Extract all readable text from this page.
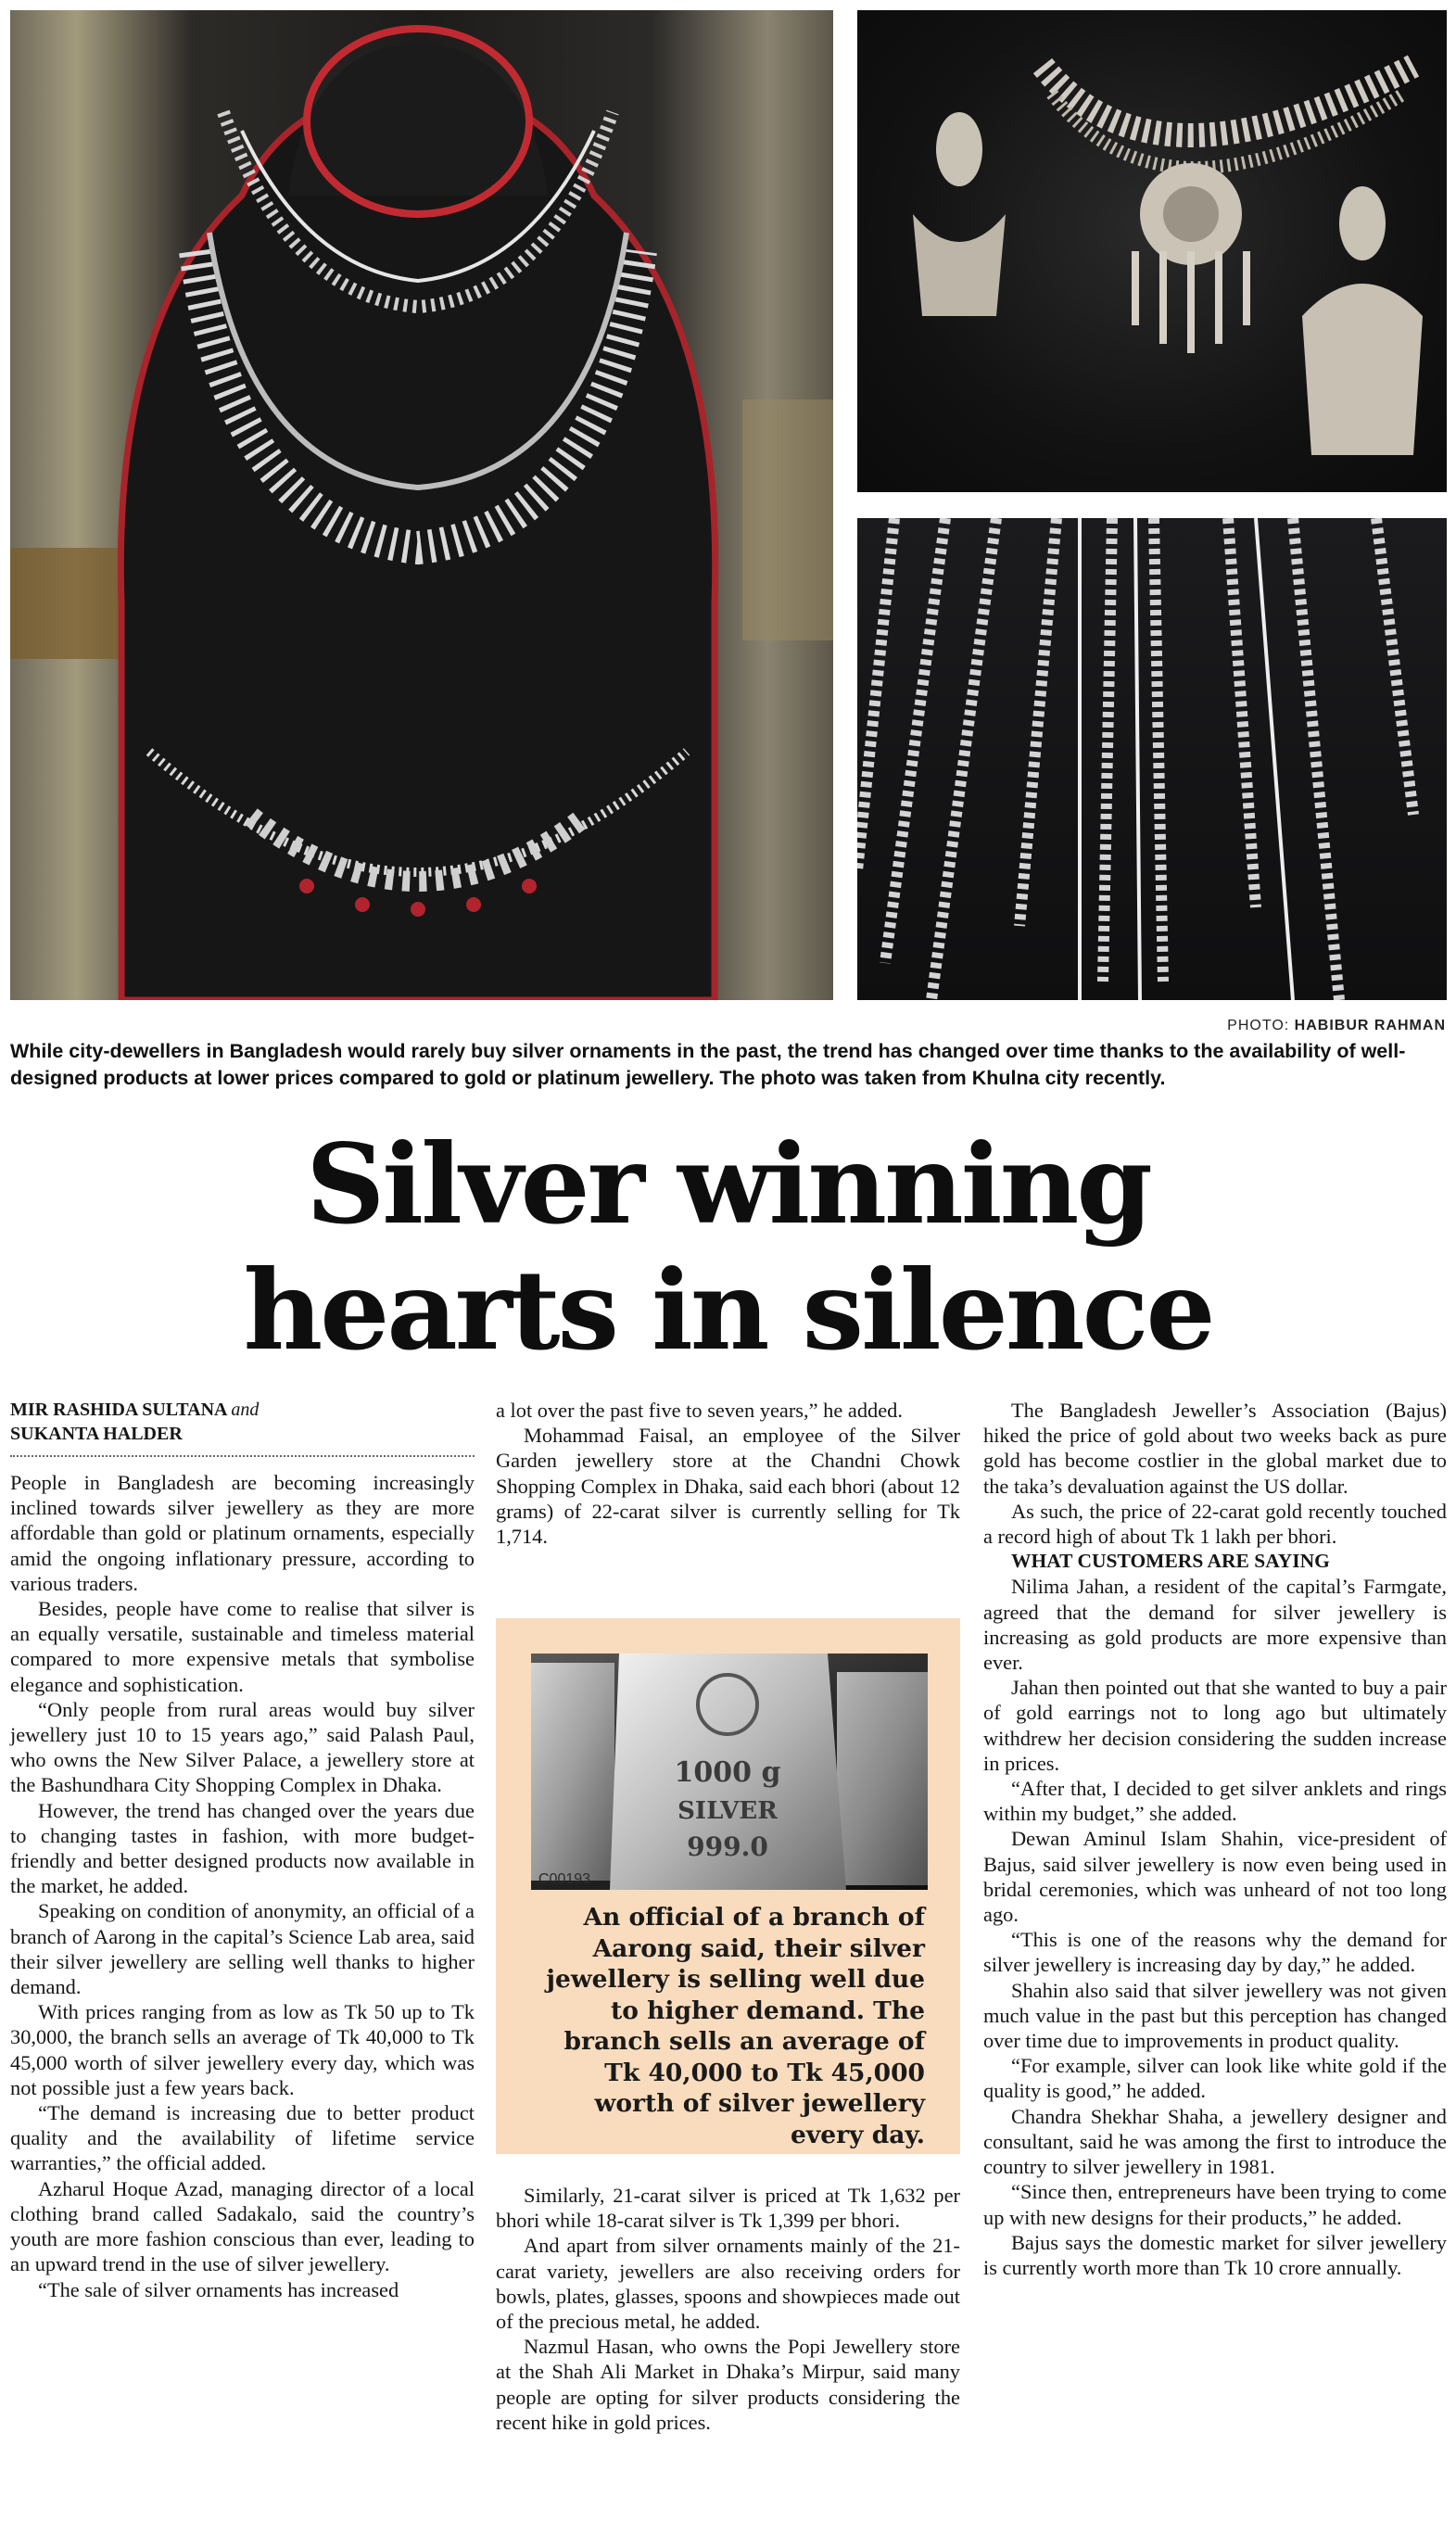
PHOTO: HABIBUR RAHMAN
While city-dewellers in Bangladesh would rarely buy silver ornaments in the past, the trend has changed over time thanks to the availability of well-designed products at lower prices compared to gold or platinum jewellery. The photo was taken from Khulna city recently.
Silver winning
hearts in silence

MIR RASHIDA SULTANA and
SUKANTA HALDER

People in Bangladesh are becoming increasingly inclined towards silver jewellery as they are more affordable than gold or platinum ornaments, especially amid the ongoing inflationary pressure, according to various traders.

Besides, people have come to realise that silver is an equally versatile, sustainable and timeless material compared to more expensive metals that symbolise elegance and sophistication.

“Only people from rural areas would buy silver jewellery just 10 to 15 years ago,” said Palash Paul, who owns the New Silver Palace, a jewellery store at the Bashundhara City Shopping Complex in Dhaka.

However, the trend has changed over the years due to changing tastes in fashion, with more budget-friendly and better designed products now available in the market, he added.

Speaking on condition of anonymity, an official of a branch of Aarong in the capital’s Science Lab area, said their silver jewellery are selling well thanks to higher demand.

With prices ranging from as low as Tk 50 up to Tk 30,000, the branch sells an average of Tk 40,000 to Tk 45,000 worth of silver jewellery every day, which was not possible just a few years back.

“The demand is increasing due to better product quality and the availability of lifetime service warranties,” the official added.

Azharul Hoque Azad, managing director of a local clothing brand called Sadakalo, said the country’s youth are more fashion conscious than ever, leading to an upward trend in the use of silver jewellery.

“The sale of silver ornaments has increased

a lot over the past five to seven years,” he added.

Mohammad Faisal, an employee of the Silver Garden jewellery store at the Chandni Chowk Shopping Complex in Dhaka, said each bhori (about 12 grams) of 22-carat silver is currently selling for Tk 1,714.

1000 g
SILVER
999.0
C00193
An official of a branch of Aarong said, their silver jewellery is selling well due to higher demand. The branch sells an average of Tk 40,000 to Tk 45,000 worth of silver jewellery every day.

Similarly, 21-carat silver is priced at Tk 1,632 per bhori while 18-carat silver is Tk 1,399 per bhori.

And apart from silver ornaments mainly of the 21-carat variety, jewellers are also receiving orders for bowls, plates, glasses, spoons and showpieces made out of the precious metal, he added.

Nazmul Hasan, who owns the Popi Jewellery store at the Shah Ali Market in Dhaka’s Mirpur, said many people are opting for silver products considering the recent hike in gold prices.

The Bangladesh Jeweller’s Association (Bajus) hiked the price of gold about two weeks back as pure gold has become costlier in the global market due to the taka’s devaluation against the US dollar.

As such, the price of 22-carat gold recently touched a record high of about Tk 1 lakh per bhori.

WHAT CUSTOMERS ARE SAYING

Nilima Jahan, a resident of the capital’s Farmgate, agreed that the demand for silver jewellery is increasing as gold products are more expensive than ever.

Jahan then pointed out that she wanted to buy a pair of gold earrings not to long ago but ultimately withdrew her decision considering the sudden increase in prices.

“After that, I decided to get silver anklets and rings within my budget,” she added.

Dewan Aminul Islam Shahin, vice-president of Bajus, said silver jewellery is now even being used in bridal ceremonies, which was unheard of not too long ago.

“This is one of the reasons why the demand for silver jewellery is increasing day by day,” he added.

Shahin also said that silver jewellery was not given much value in the past but this perception has changed over time due to improvements in product quality.

“For example, silver can look like white gold if the quality is good,” he added.

Chandra Shekhar Shaha, a jewellery designer and consultant, said he was among the first to introduce the country to silver jewellery in 1981.

“Since then, entrepreneurs have been trying to come up with new designs for their products,” he added.

Bajus says the domestic market for silver jewellery is currently worth more than Tk 10 crore annually.
